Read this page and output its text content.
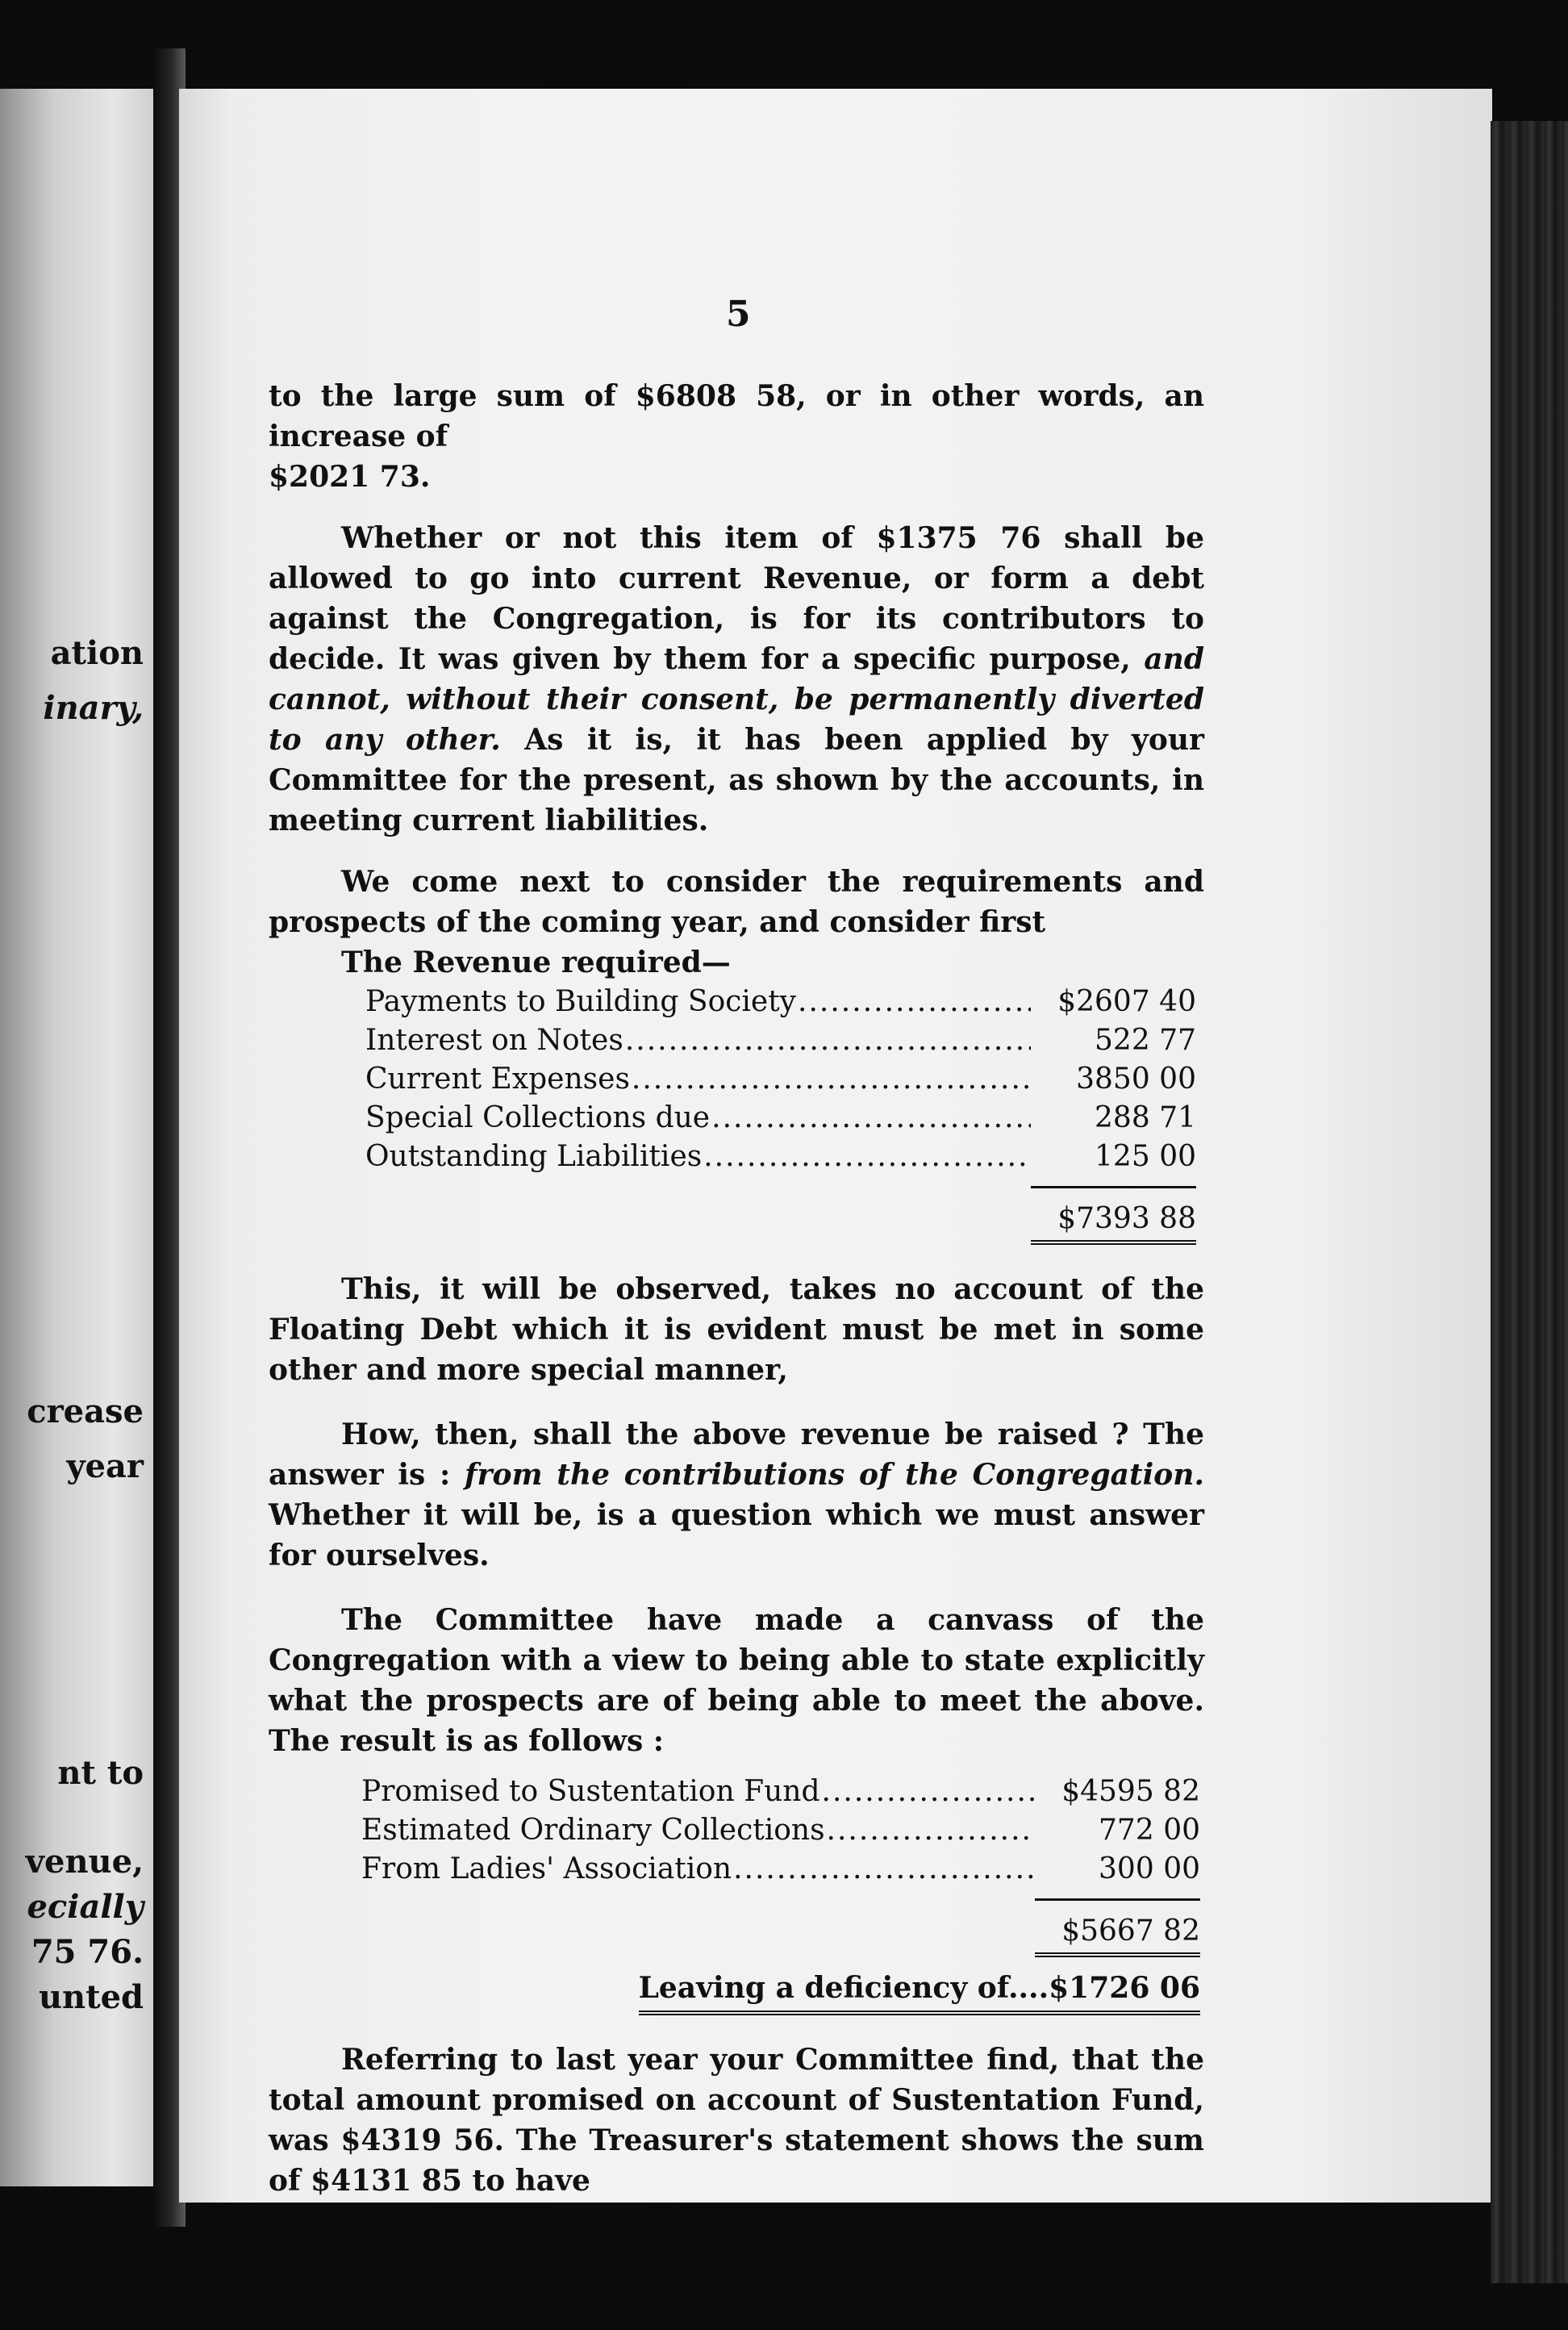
ation

inary,

crease

year

nt to

venue,

ecially

75 76.

unted

5

to the large sum of $6808 58, or in other words, an increase of

$2021 73.

Whether or not this item of $1375 76 shall be allowed to go into current Revenue, or form a debt against the Congregation, is for its contributors to decide. It was given by them for a specific purpose, and cannot, without their consent, be permanently diverted to any other. As it is, it has been applied by your Committee for the present, as shown by the accounts, in meeting current liabilities.

We come next to consider the requirements and prospects of the coming year, and consider first

The Revenue required—

Payments to Building Society .....	$2607 40
Interest on Notes .....	522 77
Current Expenses .....	3850 00
Special Collections due .....	288 71
Outstanding Liabilities .....	125 00
$7393 88

This, it will be observed, takes no account of the Floating Debt which it is evident must be met in some other and more special manner,

How, then, shall the above revenue be raised ? The answer is : from the contributions of the Congregation. Whether it will be, is a question which we must answer for ourselves.

The Committee have made a canvass of the Congregation with a view to being able to state explicitly what the prospects are of being able to meet the above. The result is as follows :

Promised to Sustentation Fund .....	$4595 82
Estimated Ordinary Collections .....	772 00
From Ladies' Association .....	300 00
$5667 82
Leaving a deficiency of....$1726 06

Referring to last year your Committee find, that the total amount promised on account of Sustentation Fund, was $4319 56. The Treasurer's statement shows the sum of $4131 85 to have
